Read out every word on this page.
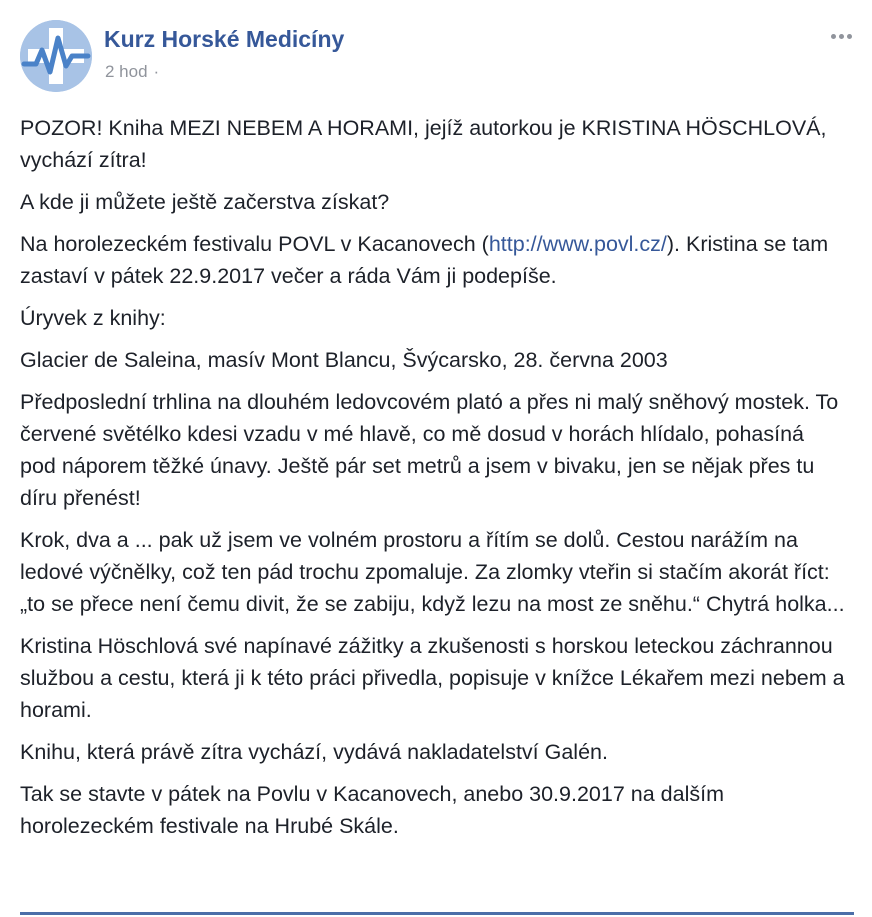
Kurz Horské Medicíny
2 hod ·

POZOR! Kniha MEZI NEBEM A HORAMI, jejíž autorkou je KRISTINA HÖSCHLOVÁ, vychází zítra!

A kde ji můžete ještě začerstva získat?

Na horolezeckém festivalu POVL v Kacanovech (http://www.povl.cz/). Kristina se tam zastaví v pátek 22.9.2017 večer a ráda Vám ji podepíše.

Úryvek z knihy:

Glacier de Saleina, masív Mont Blancu, Švýcarsko, 28. června 2003

Předposlední trhlina na dlouhém ledovcovém plató a přes ni malý sněhový mostek. To červené světélko kdesi vzadu v mé hlavě, co mě dosud v horách hlídalo, pohasíná pod náporem těžké únavy. Ještě pár set metrů a jsem v bivaku, jen se nějak přes tu díru přenést!

Krok, dva a ... pak už jsem ve volném prostoru a řítím se dolů. Cestou narážím na ledové výčnělky, což ten pád trochu zpomaluje. Za zlomky vteřin si stačím akorát říct: „to se přece není čemu divit, že se zabiju, když lezu na most ze sněhu.“ Chytrá holka...

Kristina Höschlová své napínavé zážitky a zkušenosti s horskou leteckou záchrannou službou a cestu, která ji k této práci přivedla, popisuje v knížce Lékařem mezi nebem a horami.

Knihu, která právě zítra vychází, vydává nakladatelství Galén.

Tak se stavte v pátek na Povlu v Kacanovech, anebo 30.9.2017 na dalším horolezeckém festivale na Hrubé Skále.
